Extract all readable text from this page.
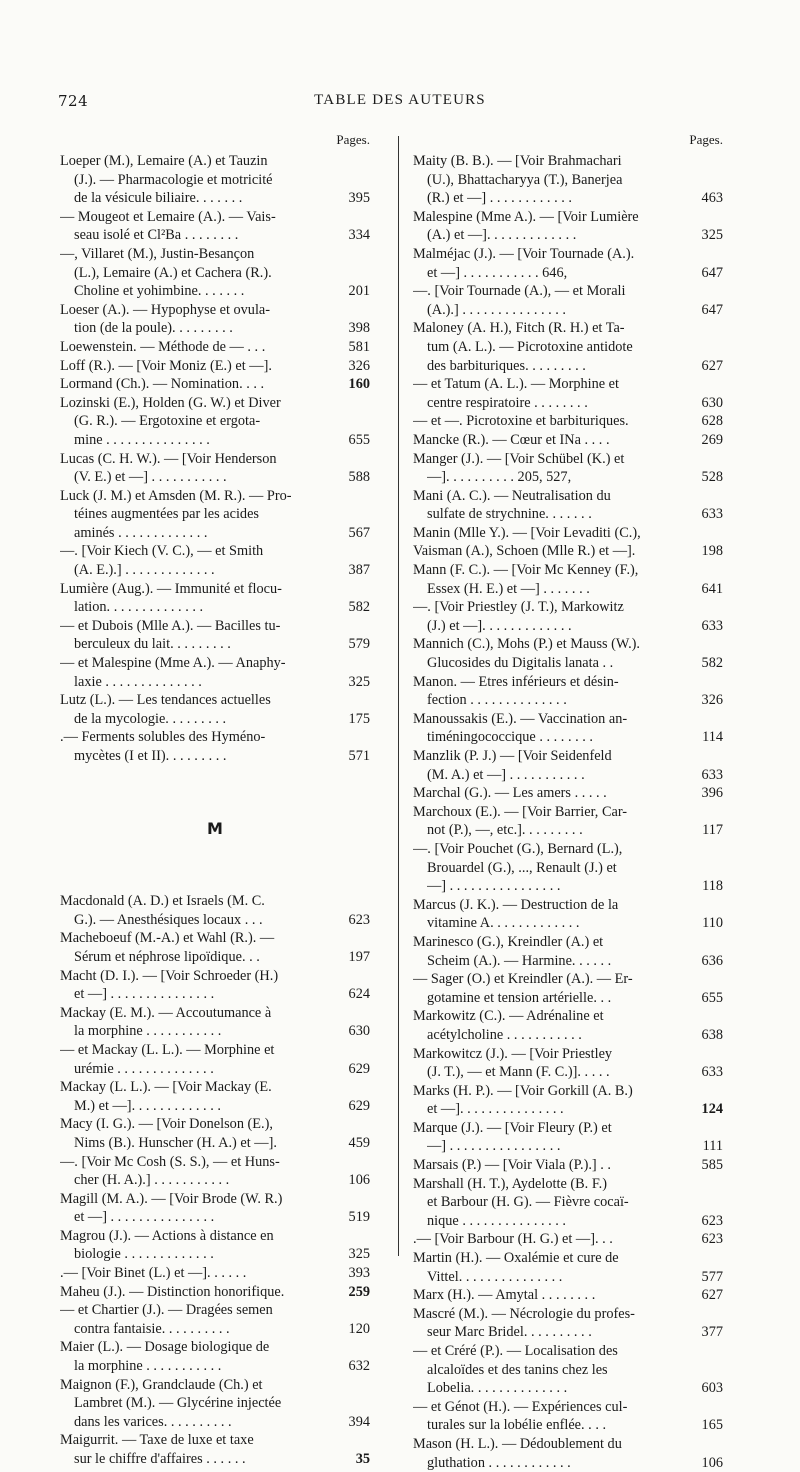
724	TABLE DES AUTEURS
Pages.
Loeper (M.), Lemaire (A.) et Tauzin
(J.). — Pharmacologie et motricité
de la vésicule biliaire. . . . . . .	395
— Mougeot et Lemaire (A.). — Vais-
seau isolé et Cl²Ba . . . . . . . .	334
—, Villaret (M.), Justin-Besançon
(L.), Lemaire (A.) et Cachera (R.).
Choline et yohimbine. . . . . . .	201
Loeser (A.). — Hypophyse et ovula-
tion (de la poule). . . . . . . . .	398
Loewenstein. — Méthode de — . . .	581
Loff (R.). — [Voir Moniz (E.) et —].	326
Lormand (Ch.). — Nomination. . . .	160
Lozinski (E.), Holden (G. W.) et Diver
(G. R.). — Ergotoxine et ergota-
mine . . . . . . . . . . . . . . .	655
Lucas (C. H. W.). — [Voir Henderson
(V. E.) et —] . . . . . . . . . . .	588
Luck (J. M.) et Amsden (M. R.). — Pro-
téines augmentées par les acides
aminés . . . . . . . . . . . . .	567
—. [Voir Kiech (V. C.), — et Smith
(A. E.).] . . . . . . . . . . . . .	387
Lumière (Aug.). — Immunité et flocu-
lation. . . . . . . . . . . . . .	582
— et Dubois (Mlle A.). — Bacilles tu-
berculeux du lait. . . . . . . . .	579
— et Malespine (Mme A.). — Anaphy-
laxie . . . . . . . . . . . . . .	325
Lutz (L.). — Les tendances actuelles
de la mycologie. . . . . . . . .	175
.— Ferments solubles des Hyméno-
mycètes (I et II). . . . . . . . .	571
M
Macdonald (A. D.) et Israels (M. C.
G.). — Anesthésiques locaux . . .	623
Macheboeuf (M.-A.) et Wahl (R.). —
Sérum et néphrose lipoïdique. . .	197
Macht (D. I.). — [Voir Schroeder (H.)
et —] . . . . . . . . . . . . . . .	624
Mackay (E. M.). — Accoutumance à
la morphine . . . . . . . . . . .	630
— et Mackay (L. L.). — Morphine et
urémie . . . . . . . . . . . . . .	629
Mackay (L. L.). — [Voir Mackay (E.
M.) et —]. . . . . . . . . . . . .	629
Macy (I. G.). — [Voir Donelson (E.),
Nims (B.). Hunscher (H. A.) et —].	459
—. [Voir Mc Cosh (S. S.), — et Huns-
cher (H. A.).] . . . . . . . . . . .	106
Magill (M. A.). — [Voir Brode (W. R.)
et —] . . . . . . . . . . . . . . .	519
Magrou (J.). — Actions à distance en
biologie . . . . . . . . . . . . .	325
.— [Voir Binet (L.) et —]. . . . . .	393
Maheu (J.). — Distinction honorifique.	259
— et Chartier (J.). — Dragées semen
contra fantaisie. . . . . . . . . .	120
Maier (L.). — Dosage biologique de
la morphine . . . . . . . . . . .	632
Maignon (F.), Grandclaude (Ch.) et
Lambret (M.). — Glycérine injectée
dans les varices. . . . . . . . . .	394
Maigurrit. — Taxe de luxe et taxe
sur le chiffre d'affaires . . . . . .	35
Pages.
Maity (B. B.). — [Voir Brahmachari
(U.), Bhattacharyya (T.), Banerjea
(R.) et —] . . . . . . . . . . . .	463
Malespine (Mme A.). — [Voir Lumière
(A.) et —]. . . . . . . . . . . . .	325
Malméjac (J.). — [Voir Tournade (A.).
et —] . . . . . . . . . . . 646,	647
—. [Voir Tournade (A.), — et Morali
(A.).] . . . . . . . . . . . . . . .	647
Maloney (A. H.), Fitch (R. H.) et Ta-
tum (A. L.). — Picrotoxine antidote
des barbituriques. . . . . . . . .	627
— et Tatum (A. L.). — Morphine et
centre respiratoire . . . . . . . .	630
— et —. Picrotoxine et barbituriques.	628
Mancke (R.). — Cœur et INa . . . .	269
Manger (J.). — [Voir Schübel (K.) et
—]. . . . . . . . . . 205, 527,	528
Mani (A. C.). — Neutralisation du
sulfate de strychnine. . . . . . .	633
Manin (Mlle Y.). — [Voir Levaditi (C.),
Vaisman (A.), Schoen (Mlle R.) et —].	198
Mann (F. C.). — [Voir Mc Kenney (F.),
Essex (H. E.) et —] . . . . . . .	641
—. [Voir Priestley (J. T.), Markowitz
(J.) et —]. . . . . . . . . . . . .	633
Mannich (C.), Mohs (P.) et Mauss (W.).
Glucosides du Digitalis lanata . .	582
Manon. — Etres inférieurs et désin-
fection . . . . . . . . . . . . . .	326
Manoussakis (E.). — Vaccination an-
timéningococcique . . . . . . . .	114
Manzlik (P. J.) — [Voir Seidenfeld
(M. A.) et —] . . . . . . . . . . .	633
Marchal (G.). — Les amers . . . . .	396
Marchoux (E.). — [Voir Barrier, Car-
not (P.), —, etc.]. . . . . . . . .	117
—. [Voir Pouchet (G.), Bernard (L.),
Brouardel (G.), ..., Renault (J.) et
—] . . . . . . . . . . . . . . . .	118
Marcus (J. K.). — Destruction de la
vitamine A. . . . . . . . . . . . .	110
Marinesco (G.), Kreindler (A.) et
Scheim (A.). — Harmine. . . . . .	636
— Sager (O.) et Kreindler (A.). — Er-
gotamine et tension artérielle. . .	655
Markowitz (C.). — Adrénaline et
acétylcholine . . . . . . . . . . .	638
Markowitcz (J.). — [Voir Priestley
(J. T.), — et Mann (F. C.)]. . . . .	633
Marks (H. P.). — [Voir Gorkill (A. B.)
et —]. . . . . . . . . . . . . . .	124
Marque (J.). — [Voir Fleury (P.) et
—] . . . . . . . . . . . . . . . .	111
Marsais (P.) — [Voir Viala (P.).] . .	585
Marshall (H. T.), Aydelotte (B. F.)
et Barbour (H. G). — Fièvre cocaï-
nique . . . . . . . . . . . . . . .	623
.— [Voir Barbour (H. G.) et —]. . .	623
Martin (H.). — Oxalémie et cure de
Vittel. . . . . . . . . . . . . . .	577
Marx (H.). — Amytal . . . . . . . .	627
Mascré (M.). — Nécrologie du profes-
seur Marc Bridel. . . . . . . . . .	377
— et Créré (P.). — Localisation des
alcaloïdes et des tanins chez les
Lobelia. . . . . . . . . . . . . .	603
— et Génot (H.). — Expériences cul-
turales sur la lobélie enflée. . . .	165
Mason (H. L.). — Dédoublement du
gluthation . . . . . . . . . . . .	106
